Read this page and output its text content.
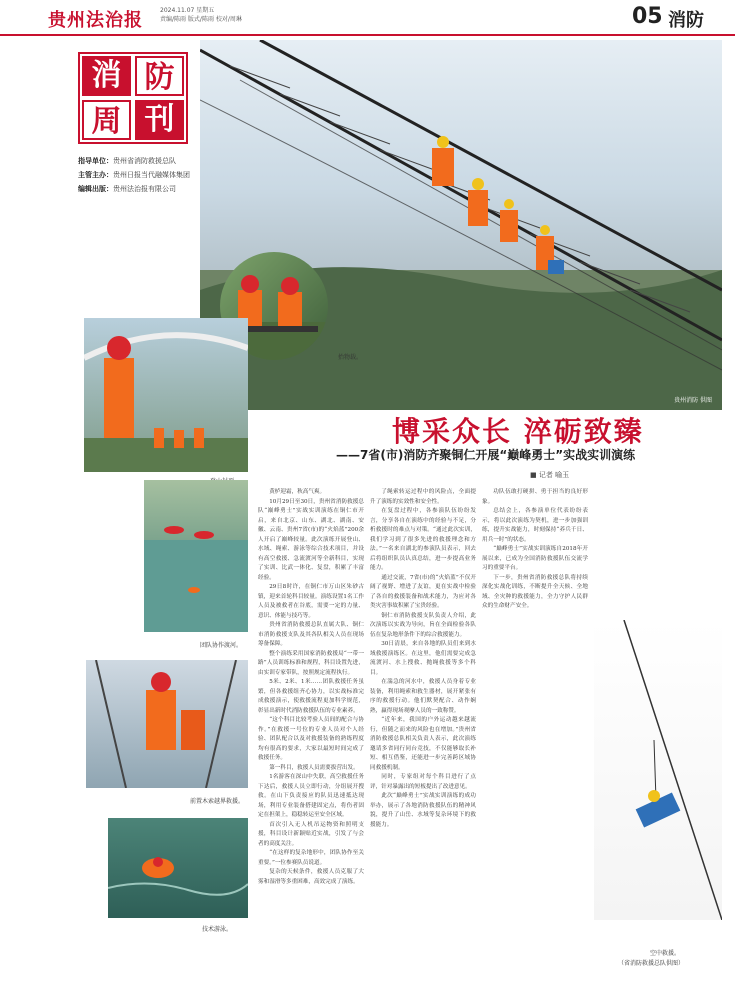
贵州法治报	2024.11.07 星期五
责编/陈雨 版式/陈雨 校对/周琳	05 消防
贵州消防 供图
消 防
周 刊
指导单位：贵州省消防救援总队
主管主办：贵州日报当代融媒体集团
编辑出版：贵州法治报有限公司
抬物载。
团队协作渡河。
前置木索越界救援。
技术游泳。
博采众长 淬砺致臻
——7省(市)消防齐聚铜仁开展“巅峰勇士”实战实训演练
■ 记者 喻玉

黄栌迎霜，秋高气爽。

10月29日至30日，贵州省消防救援总队“巅峰勇士”实战实训演练在铜仁市开启，来自北京、山东、湖北、湖南、安徽、云南、贵州7省(市)的“火焰蓝”200余人开启了巅峰较量。此次演练开展登山、水域、绳索、游泳等综合技术项目，并设有高空救援、急流渡河等全新科目，实现了实训、比武一体化、复盘，积累了丰富经验。

29日8时许，在铜仁市万山区朱砂古镇，迎来首轮科目较量。演练设置1名工作人员及被救者在谷底，需要一定的力量、意识、体能与技巧等。

贵州省消防救援总队直属大队、铜仁市消防救援支队及其各队相关人员在现场筹备保障。

整个演练采用国家消防救援局“一带一路”人员训练标准和规程，科目设置先进，由实训专家带队，按照规定流程执行。

5米、2米、1米……团队救援任务虽繁，但各救援组齐心协力，以实战标准完成救援演示，使救援流程更加科学规范，彰显出新时代消防救援队伍的专业素养。

“这个科目比较考验人员间的配合与协作。”在救援一号位的专业人员对个人经验、团队配合以及对救援装备的熟练程度均有很高的要求，大家以最短时间完成了救援任务。

第一科目，救援人员需要拔营出发。

1名游客在深山中失联，高空救援任务下达后，救援人员立即行动，分组展开搜救。在山下负责接应的队员迅速抵达现场，利用专业装备搭建固定点，将伤者固定在担架上，稳稳转运至安全区域。

首次引入无人机吊运物资和照明支援，科目设计新颖贴近实战，引发了与会者的高度关注。

“在这样的复杂地形中，团队协作至关重要。”一位参赛队员说道。

复杂的天候条件，救援人员克服了大雾和湿滑等多重困难，高效完成了演练。

了绳索转运过程中的风险点，全面提升了演练的实效性和安全性。

在复盘过程中，各参演队伍纷纷发言，分享各自在演练中的经验与不足，分析救援时的难点与对策。“通过此次实训，我们学习到了很多先进的救援理念和方法。”一名来自湖北的参演队员表示，回去后将组织队员认真总结，进一步提高业务能力。

通过交流，7省(市)的“火焰蓝”不仅开阔了视野、增进了友谊，更在实战中检验了各自的救援装备和战术能力，为应对各类灾害事故积累了宝贵经验。

铜仁市消防救援支队负责人介绍，此次演练以实战为导向，旨在全面检验各队伍在复杂地形条件下的综合救援能力。

30日清晨，来自各地的队员们来到水域救援演练区。在这里，他们需要完成急流渡河、水上搜救、抛绳救援等多个科目。

在湍急的河水中，救援人员身着专业装备，利用绳索和救生器材，展开紧张有序的救援行动。他们默契配合、动作娴熟，赢得现场观摩人员的一致称赞。

“近年来，我国的户外运动越来越流行，但随之而来的风险也在增加。”贵州省消防救援总队相关负责人表示，此次演练邀请多省同行同台竞技，不仅能够取长补短、相互借鉴，还能进一步完善跨区域协同救援机制。

同时，专家组对每个科目进行了点评，针对暴露出的短板提出了改进意见。

此次“巅峰勇士”实战实训演练的成功举办，展示了各地消防救援队伍的精神风貌，提升了山岳、水域等复杂环境下的救援能力。

功队伍敢打硬拼、勇于担当的良好形象。

总结会上，各参演单位代表纷纷表示，将以此次演练为契机，进一步加强训练，提升实战能力，时刻保持“养兵千日、用兵一时”的状态。

“巅峰勇士”实战实训演练自2018年开展以来，已成为全国消防救援队伍交流学习的重要平台。

下一步，贵州省消防救援总队将持续深化实战化训练，不断提升全天候、全地域、全灾种的救援能力，全力守护人民群众的生命财产安全。

空中救援。
（省消防救援总队供图）
